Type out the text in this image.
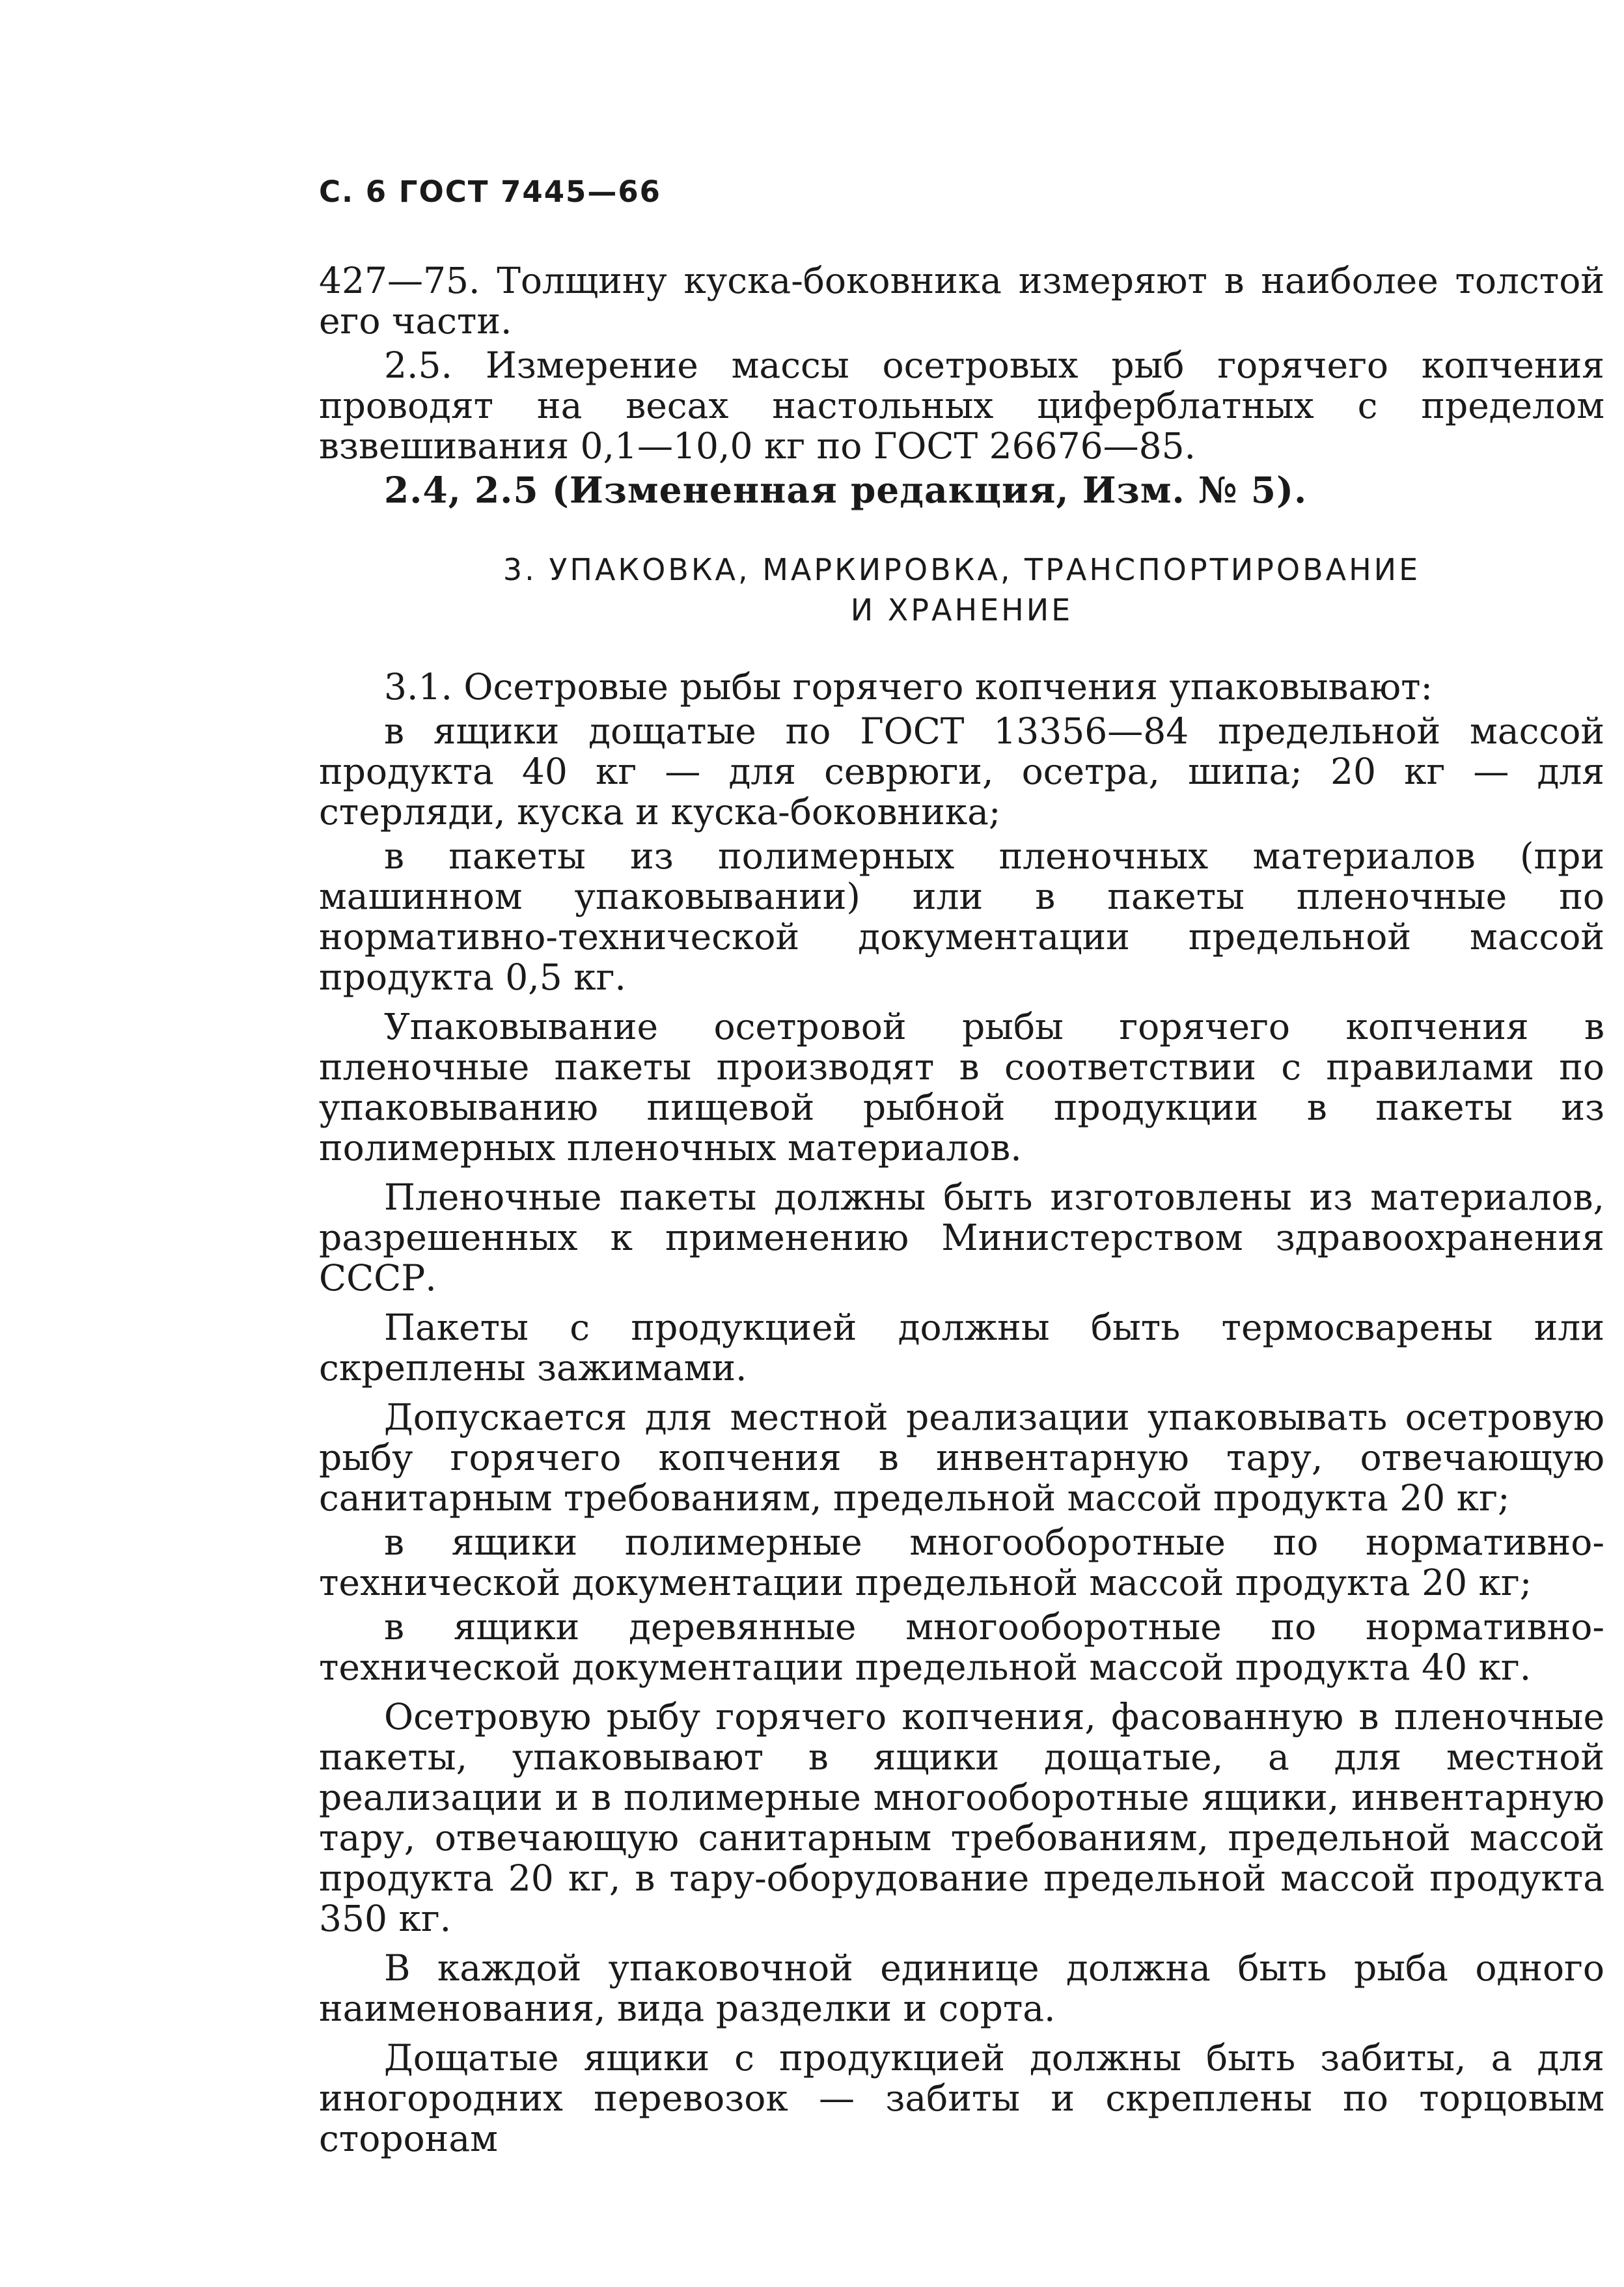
С. 6 ГОСТ 7445—66

427—75. Толщину куска-боковника измеряют в наиболее толстой его части.

2.5. Измерение массы осетровых рыб горячего копчения проводят на весах настольных циферблатных с пределом взвешивания 0,1—10,0 кг по ГОСТ 26676—85.

2.4, 2.5 (Измененная редакция, Изм. № 5).

3. УПАКОВКА, МАРКИРОВКА, ТРАНСПОРТИРОВАНИЕ
И ХРАНЕНИЕ

3.1. Осетровые рыбы горячего копчения упаковывают:

в ящики дощатые по ГОСТ 13356—84 предельной массой продукта 40 кг — для севрюги, осетра, шипа; 20 кг — для стерляди, куска и куска-боковника;

в пакеты из полимерных пленочных материалов (при машинном упаковывании) или в пакеты пленочные по нормативно-технической документации предельной массой продукта 0,5 кг.

Упаковывание осетровой рыбы горячего копчения в пленочные пакеты производят в соответствии с правилами по упаковыванию пищевой рыбной продукции в пакеты из полимерных пленочных материалов.

Пленочные пакеты должны быть изготовлены из материалов, разрешенных к применению Министерством здравоохранения СССР.

Пакеты с продукцией должны быть термосварены или скреплены зажимами.

Допускается для местной реализации упаковывать осетровую рыбу горячего копчения в инвентарную тару, отвечающую санитарным требованиям, предельной массой продукта 20 кг;

в ящики полимерные многооборотные по нормативно-технической документации предельной массой продукта 20 кг;

в ящики деревянные многооборотные по нормативно-технической документации предельной массой продукта 40 кг.

Осетровую рыбу горячего копчения, фасованную в пленочные пакеты, упаковывают в ящики дощатые, а для местной реализации и в полимерные многооборотные ящики, инвентарную тару, отвечающую санитарным требованиям, предельной массой продукта 20 кг, в тару-оборудование предельной массой продукта 350 кг.

В каждой упаковочной единице должна быть рыба одного наименования, вида разделки и сорта.

Дощатые ящики с продукцией должны быть забиты, а для иногородних перевозок — забиты и скреплены по торцовым сторонам
